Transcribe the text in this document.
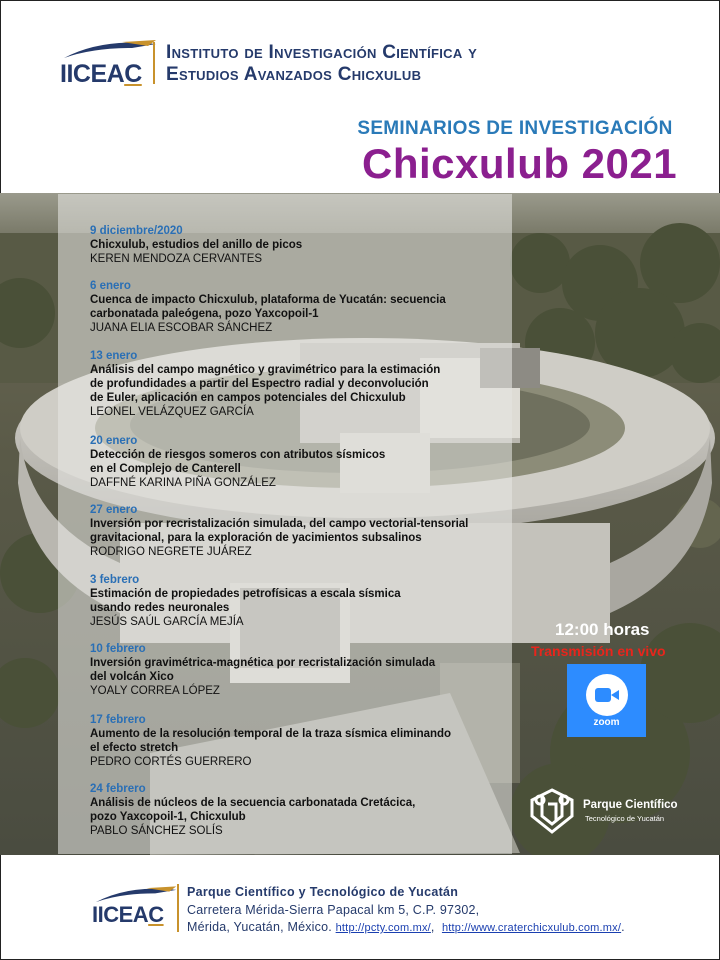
IICEAC
Instituto de Investigación Científica y
Estudios Avanzados Chicxulub
SEMINARIOS DE INVESTIGACIÓN
Chicxulub 2021
9 diciembre/2020
Chicxulub, estudios del anillo de picos
KEREN MENDOZA CERVANTES
6 enero
Cuenca de impacto Chicxulub, plataforma de Yucatán: secuencia
carbonatada paleógena, pozo Yaxcopoil-1
JUANA ELIA ESCOBAR SÁNCHEZ
13 enero
Análisis del campo magnético y gravimétrico para la estimación
de profundidades a partir del Espectro radial y deconvolución
de Euler, aplicación en campos potenciales del Chicxulub
LEONEL VELÁZQUEZ GARCÍA
20 enero
Detección de riesgos someros con atributos sísmicos
en el Complejo de Canterell
DAFFNÉ KARINA PIÑA GONZÁLEZ
27 enero
Inversión por recristalización simulada, del campo vectorial-tensorial
gravitacional, para la exploración de yacimientos subsalinos
RODRIGO NEGRETE JUÁREZ
3 febrero
Estimación de propiedades petrofísicas a escala sísmica
usando redes neuronales
JESÚS SAÚL GARCÍA MEJÍA
10 febrero
Inversión gravimétrica-magnética por recristalización simulada
del volcán Xico
YOALY CORREA LÓPEZ
17 febrero
Aumento de la resolución temporal de la traza sísmica eliminando
el efecto stretch
PEDRO CORTÉS GUERRERO
24 febrero
Análisis de núcleos de la secuencia carbonatada Cretácica,
pozo Yaxcopoil-1, Chicxulub
PABLO SÁNCHEZ SOLÍS
12:00 horas
Transmisión en vivo
zoom
Parque Científico
Tecnológico de Yucatán
IICEAC
Parque Científico y Tecnológico de Yucatán
Carretera Mérida-Sierra Papacal km 5, C.P. 97302,
Mérida, Yucatán, México. http://pcty.com.mx/,  http://www.craterchicxulub.com.mx/.
